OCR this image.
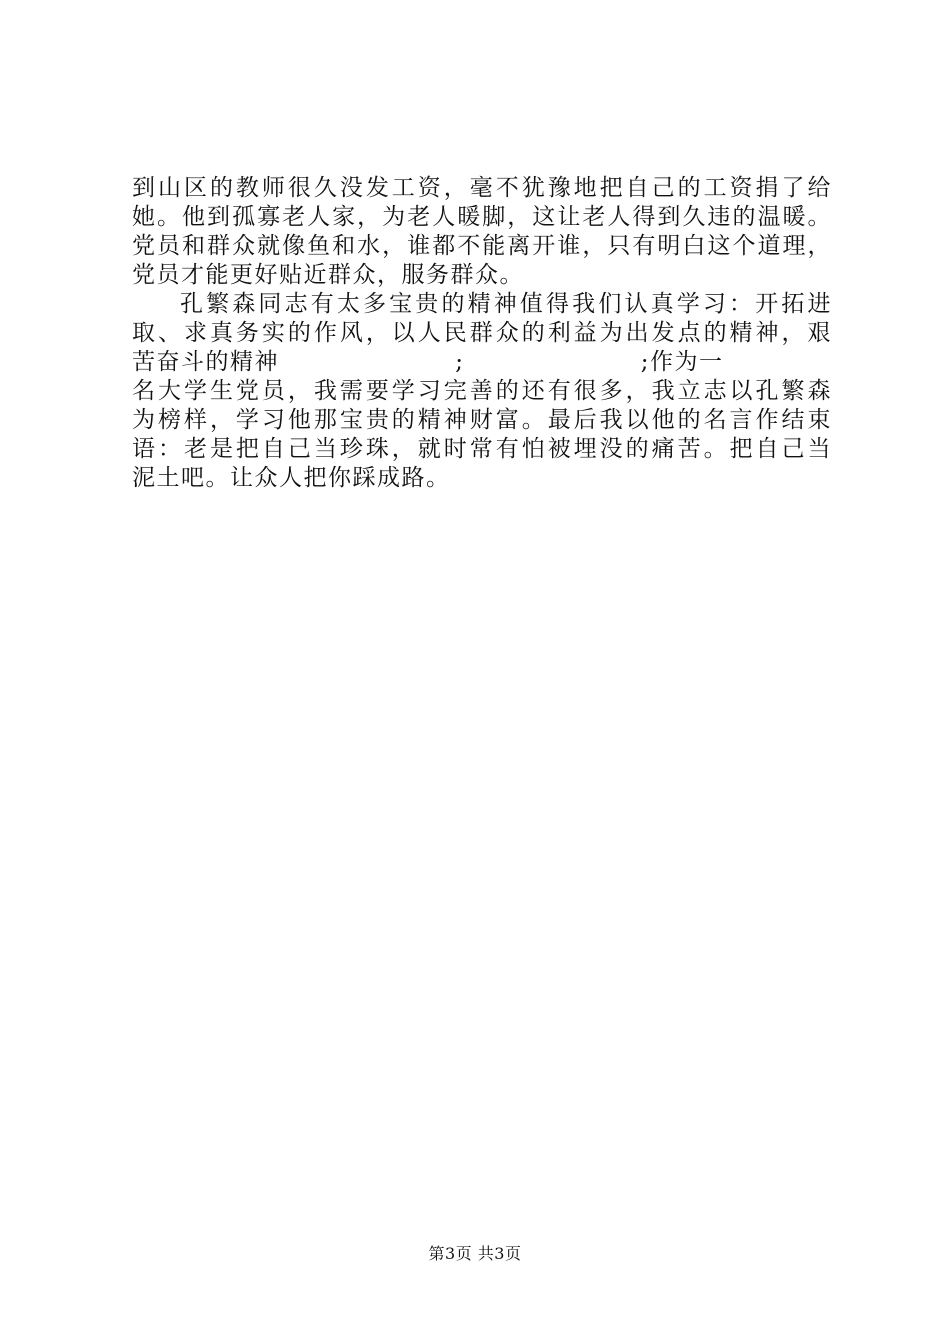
到山区的教师很久没发工资，毫不犹豫地把自己的工资捐了给
她。他到孤寡老人家，为老人暖脚，这让老人得到久违的温暖。
党员和群众就像鱼和水，谁都不能离开谁，只有明白这个道理，
党员才能更好贴近群众，服务群众。
孔繁森同志有太多宝贵的精神值得我们认真学习：开拓进
取、求真务实的作风，以人民群众的利益为出发点的精神，艰
苦奋斗的精神                    ;                    ;作为一
名大学生党员，我需要学习完善的还有很多，我立志以孔繁森
为榜样，学习他那宝贵的精神财富。最后我以他的名言作结束
语：老是把自己当珍珠，就时常有怕被埋没的痛苦。把自己当
泥土吧。让众人把你踩成路。
第3页 共3页
